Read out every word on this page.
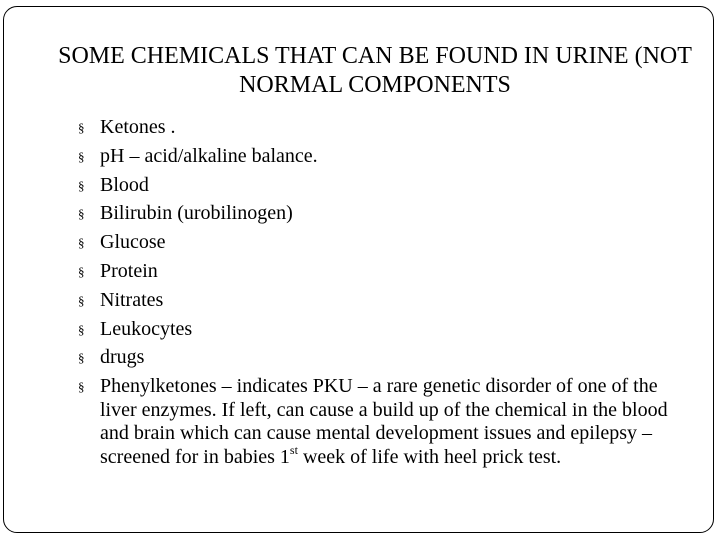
SOME CHEMICALS THAT CAN BE FOUND IN URINE (NOT NORMAL COMPONENTS
§ Ketones .
§ pH – acid/alkaline balance.
§ Blood
§ Bilirubin (urobilinogen)
§ Glucose
§ Protein
§ Nitrates
§ Leukocytes
§ drugs
§ Phenylketones – indicates PKU – a rare genetic disorder of one of the liver enzymes. If left, can cause a build up of the chemical in the blood and brain which can cause mental development issues and epilepsy – screened for in babies 1st week of life with heel prick test.
